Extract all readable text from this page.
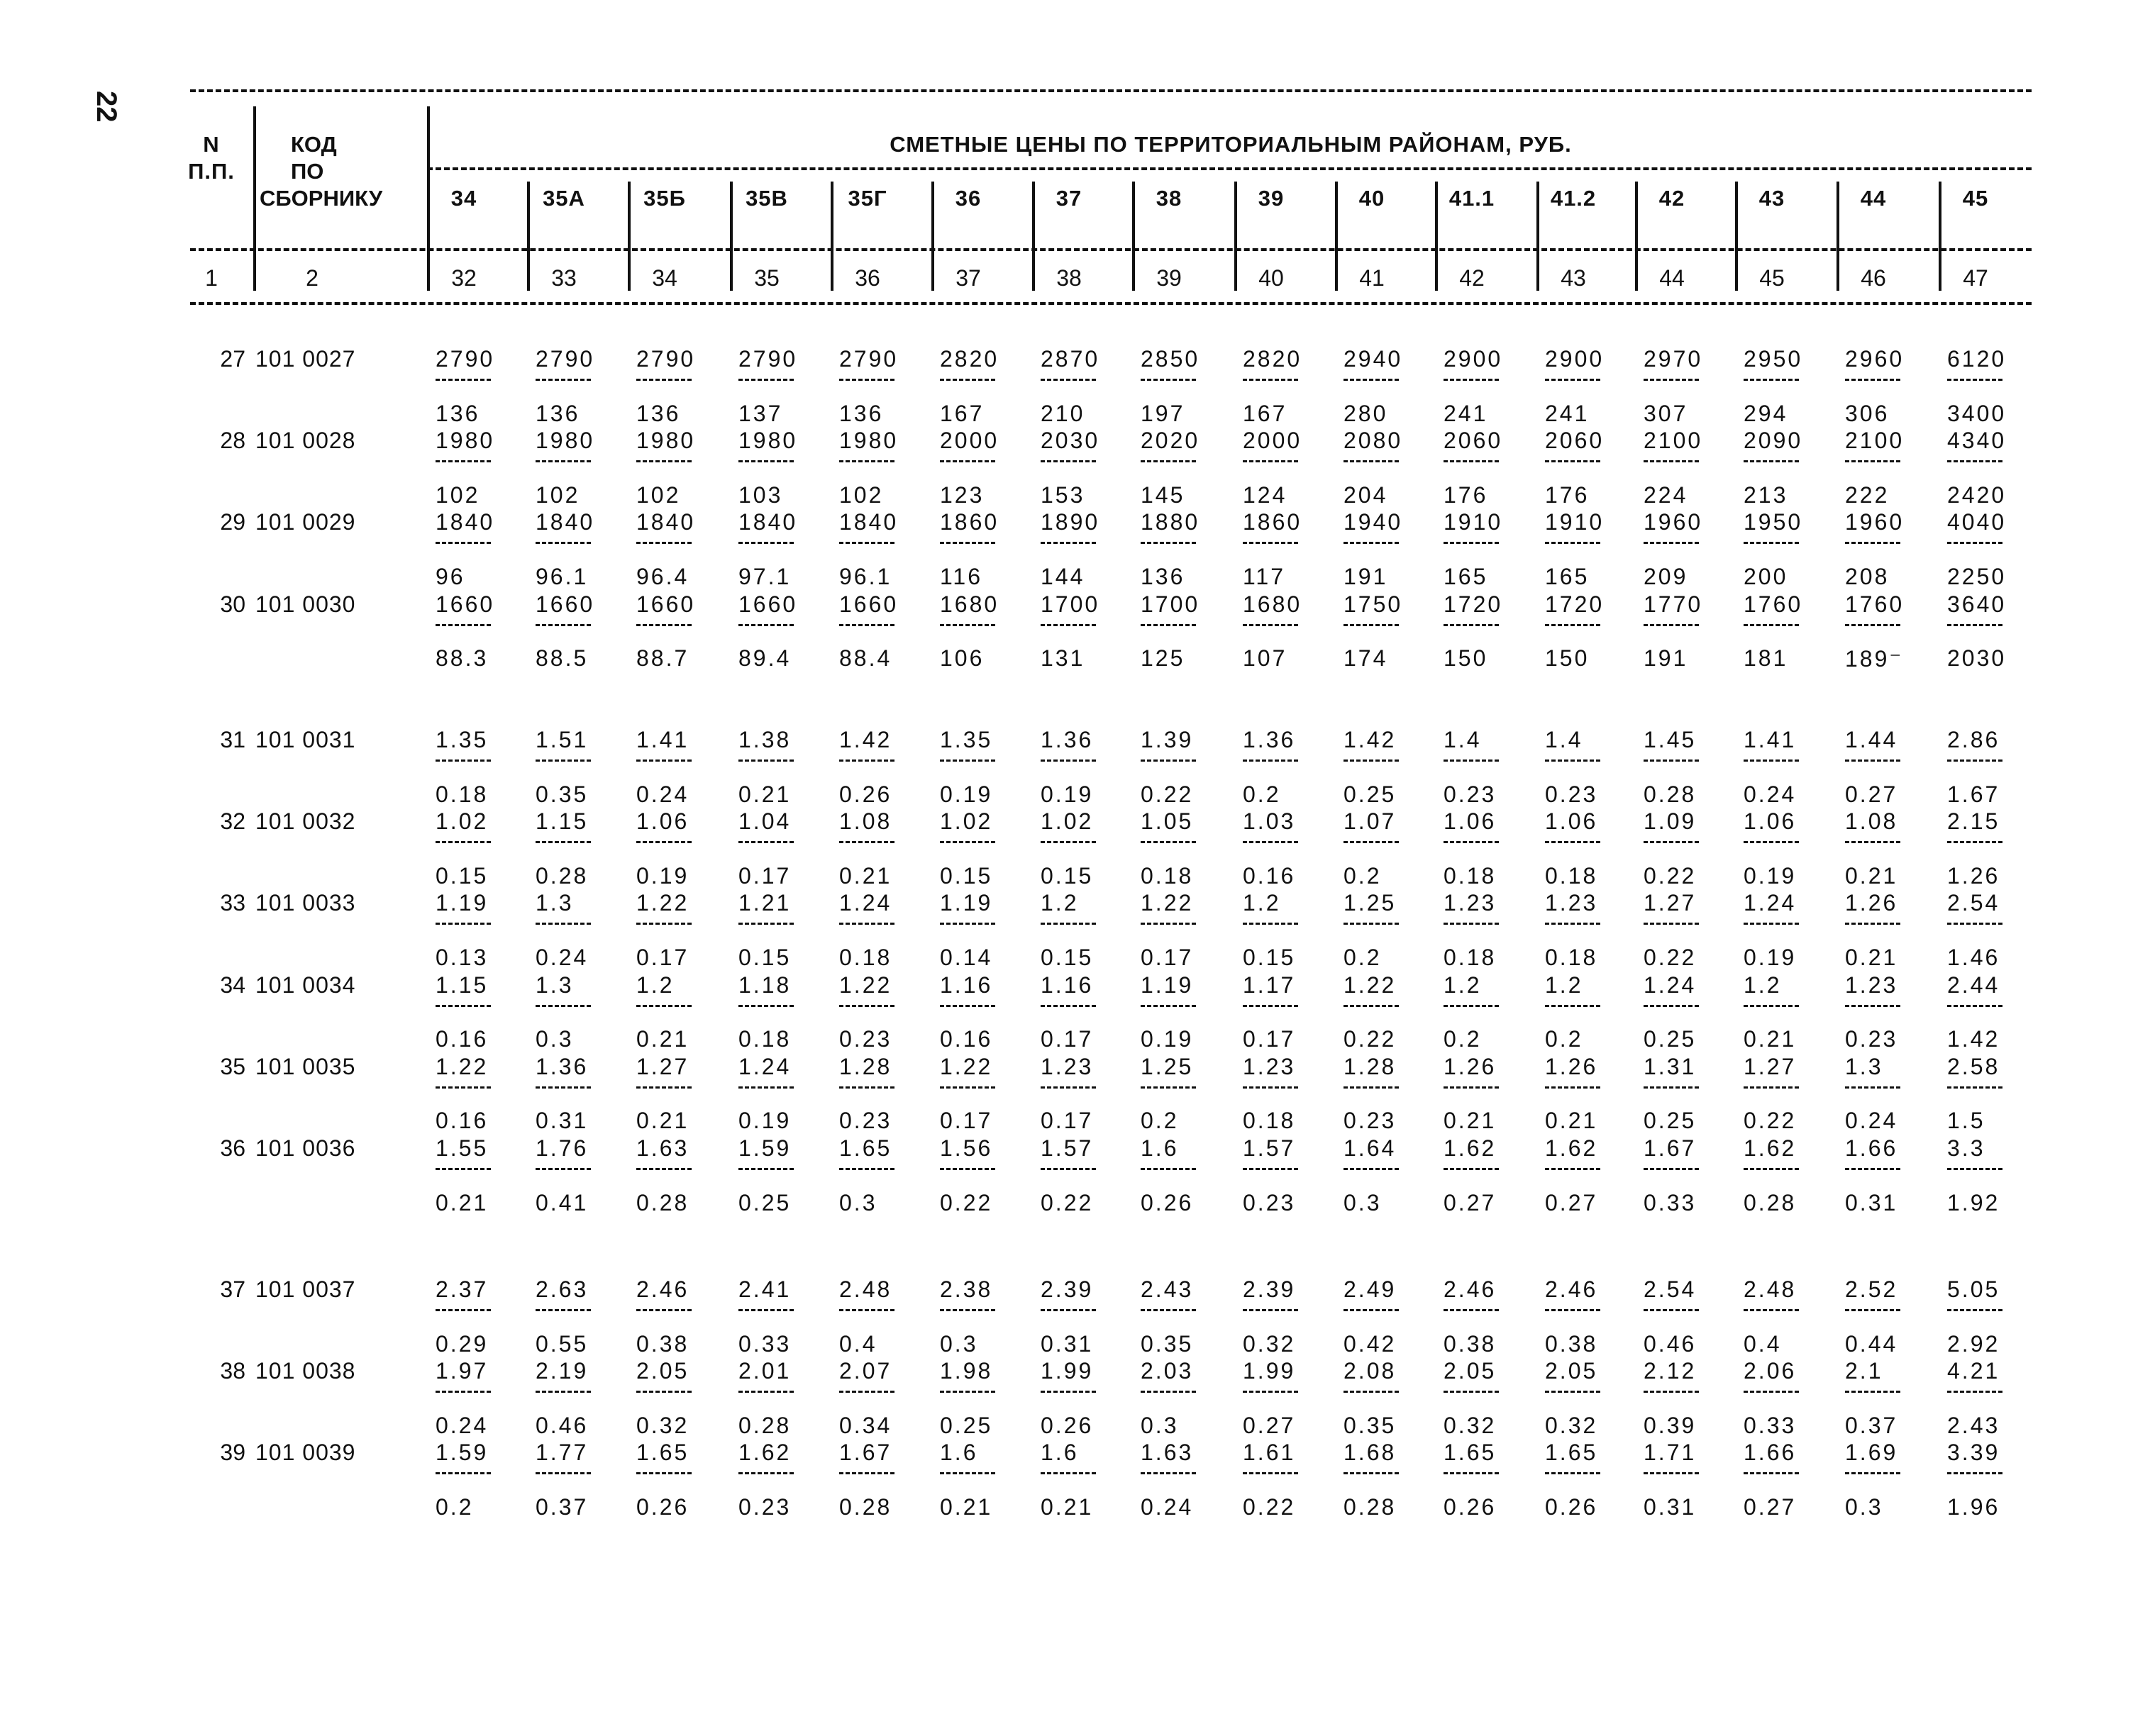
22
N
П.П.
КОД
ПО
СБОРНИКУ
СМЕТНЫЕ ЦЕНЫ ПО ТЕРРИТОРИАЛЬНЫМ РАЙОНАМ, РУБ.
34	35А	35Б	35В	35Г	36	37	38	39	40	41.1	41.2	42	43	44	45
1	2	32	33	34	35	36	37	38	39	40	41	42	43	44	45	46	47
27 101 0027	2790 2790 2790 2790 2790 2820 2870 2850 2820 2940 2900 2900 2970 2950 2960 6120
136 136 136	137 136 167 210 197	167 280 241	241 307 294	306	3400
28 101 0028	1980 1980 1980 1980 1980 2000 2030 2020 2000 2080 2060 2060 2100 2090 2100 4340
102 102 102	103 102 123 153 145	124 204 176	176 224 213	222	2420
29 101 0029	1840 1840 1840 1840 1840 1860 1890 1880 1860 1940 1910 1910 1960 1950 1960 4040
96	96.1 96.4 97.1 96.1 116	144 136	117	191 165	165 209 200	208	2250
30 101 0030	1660 1660 1660 1660 1660 1680 1700 1700 1680 1750 1720 1720 1770 1760 1760 3640
88.3 88.5 88.7 89.4 88.4 106 131 125	107 174 150	150 191 181	189⁻ 2030
31 101 0031	1.35 1.51 1.41 1.38 1.42 1.35 1.36 1.39 1.36 1.42 1.4	1.4	1.45 1.41 1.44 2.86
0.18 0.35 0.24 0.21 0.26 0.19 0.19 0.22 0.2	0.25 0.23 0.23 0.28 0.24 0.27 1.67
32 101 0032	1.02 1.15 1.06 1.04 1.08 1.02 1.02 1.05 1.03 1.07 1.06 1.06 1.09 1.06 1.08 2.15
0.15 0.28 0.19 0.17 0.21 0.15 0.15 0.18 0.16 0.2	0.18 0.18 0.22 0.19 0.21 1.26
33 101 0033	1.19 1.3	1.22 1.21 1.24 1.19 1.2	1.22 1.2	1.25 1.23 1.23 1.27 1.24 1.26 2.54
0.13 0.24 0.17 0.15 0.18 0.14 0.15 0.17 0.15 0.2	0.18 0.18 0.22 0.19 0.21 1.46
34 101 0034	1.15 1.3	1.2	1.18 1.22 1.16 1.16 1.19 1.17 1.22 1.2	1.2	1.24 1.2	1.23 2.44
0.16 0.3	0.21 0.18 0.23 0.16 0.17 0.19 0.17 0.22 0.2	0.2	0.25 0.21 0.23 1.42
35 101 0035	1.22 1.36 1.27 1.24 1.28 1.22 1.23 1.25 1.23 1.28 1.26 1.26 1.31 1.27 1.3	2.58
0.16 0.31 0.21 0.19 0.23 0.17 0.17 0.2	0.18 0.23 0.21 0.21 0.25 0.22 0.24 1.5
36 101 0036	1.55 1.76 1.63 1.59 1.65 1.56 1.57 1.6	1.57 1.64 1.62 1.62 1.67 1.62 1.66 3.3
0.21 0.41 0.28 0.25 0.3	0.22 0.22 0.26 0.23 0.3	0.27 0.27 0.33 0.28 0.31 1.92
37 101 0037	2.37 2.63 2.46 2.41 2.48 2.38 2.39 2.43 2.39 2.49 2.46 2.46 2.54 2.48 2.52 5.05
0.29 0.55 0.38 0.33 0.4	0.3	0.31 0.35 0.32 0.42 0.38 0.38 0.46 0.4	0.44 2.92
38 101 0038	1.97 2.19 2.05 2.01 2.07 1.98 1.99 2.03 1.99 2.08 2.05 2.05 2.12 2.06 2.1	4.21
0.24 0.46 0.32 0.28 0.34 0.25 0.26 0.3	0.27 0.35 0.32 0.32 0.39 0.33 0.37 2.43
39 101 0039	1.59 1.77 1.65 1.62 1.67 1.6	1.6	1.63 1.61 1.68 1.65 1.65 1.71 1.66 1.69 3.39
0.2	0.37 0.26 0.23 0.28 0.21 0.21 0.24 0.22 0.28 0.26 0.26 0.31 0.27 0.3	1.96
